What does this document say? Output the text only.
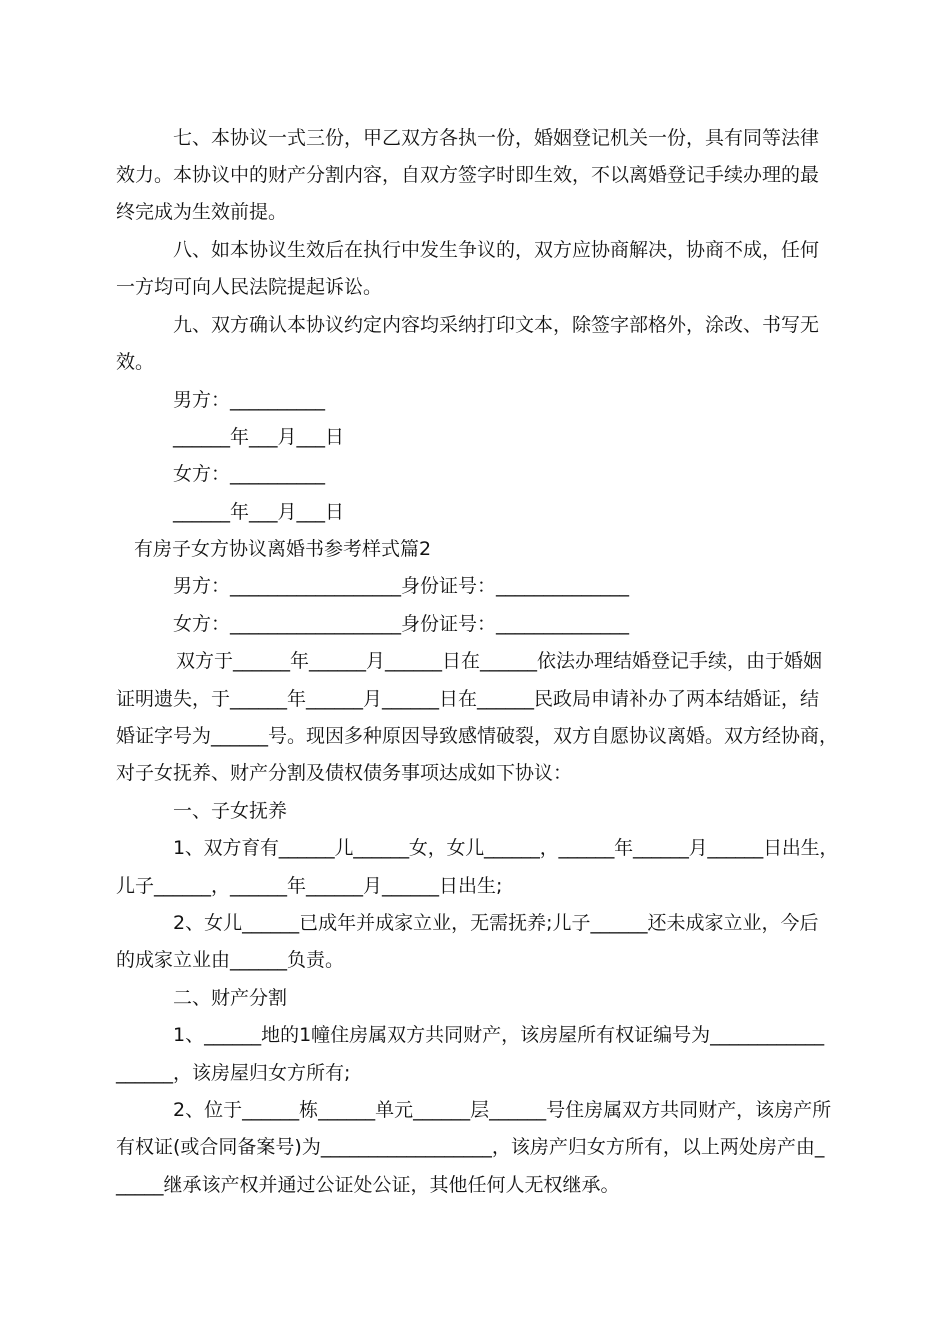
七、本协议一式三份，甲乙双方各执一份，婚姻登记机关一份，具有同等法律
效力。本协议中的财产分割内容，自双方签字时即生效，不以离婚登记手续办理的最
终完成为生效前提。
八、如本协议生效后在执行中发生争议的，双方应协商解决，协商不成，任何
一方均可向人民法院提起诉讼。
九、双方确认本协议约定内容均采纳打印文本，除签字部格外，涂改、书写无
效。
男方：__________
______年___月___日
女方：__________
______年___月___日
有房子女方协议离婚书参考样式篇2
男方：__________________身份证号：______________
女方：__________________身份证号：______________
双方于______年______月______日在______依法办理结婚登记手续，由于婚姻
证明遗失，于______年______月______日在______民政局申请补办了两本结婚证，结
婚证字号为______号。现因多种原因导致感情破裂，双方自愿协议离婚。双方经协商，
对子女抚养、财产分割及债权债务事项达成如下协议：
一、子女抚养
1、双方育有______儿______女，女儿______，______年______月______日出生，
儿子______，______年______月______日出生;
2、女儿______已成年并成家立业，无需抚养;儿子______还未成家立业，今后
的成家立业由______负责。
二、财产分割
1、______地的1幢住房属双方共同财产，该房屋所有权证编号为____________
______，该房屋归女方所有;
2、位于______栋______单元______层______号住房属双方共同财产，该房产所
有权证(或合同备案号)为__________________，该房产归女方所有，以上两处房产由_
_____继承该产权并通过公证处公证，其他任何人无权继承。
